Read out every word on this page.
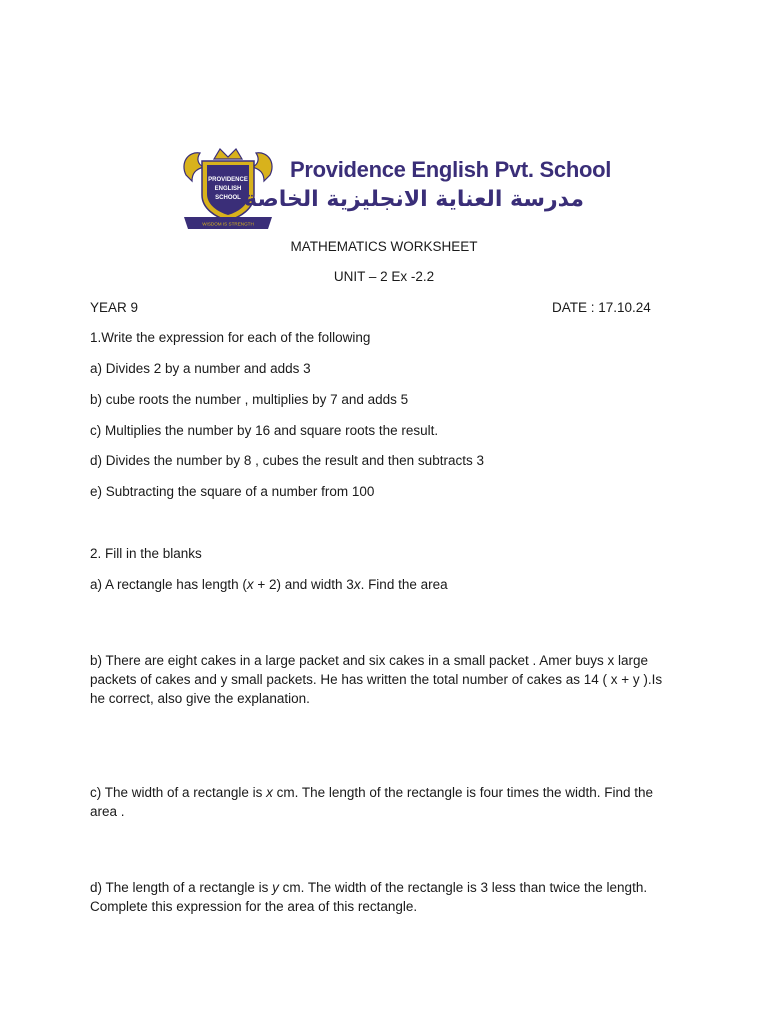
PROVIDENCE
ENGLISH
SCHOOL
WISDOM IS STRENGTH
Providence English Pvt. School
مدرسة العناية الانجليزية الخاصة
MATHEMATICS WORKSHEET
UNIT – 2 Ex -2.2
YEAR 9	DATE : 17.10.24
1.Write the expression for each of the following
a) Divides 2 by a number and adds 3
b) cube roots the number , multiplies by 7 and adds 5
c) Multiplies the number by 16 and square roots the result.
d) Divides the number by 8 , cubes the result and then subtracts 3
e) Subtracting the square of a number from 100
2. Fill in the blanks
a) A rectangle has length (x + 2) and width 3x. Find the area
b) There are eight cakes in a large packet and six cakes in a small packet . Amer buys x large packets of cakes and y small packets. He has written the total number of cakes as 14 ( x + y ).Is he correct, also give the explanation.
c) The width of a rectangle is x cm. The length of the rectangle is four times the width. Find the area .
d) The length of a rectangle is y cm. The width of the rectangle is 3 less than twice the length. Complete this expression for the area of this rectangle.
